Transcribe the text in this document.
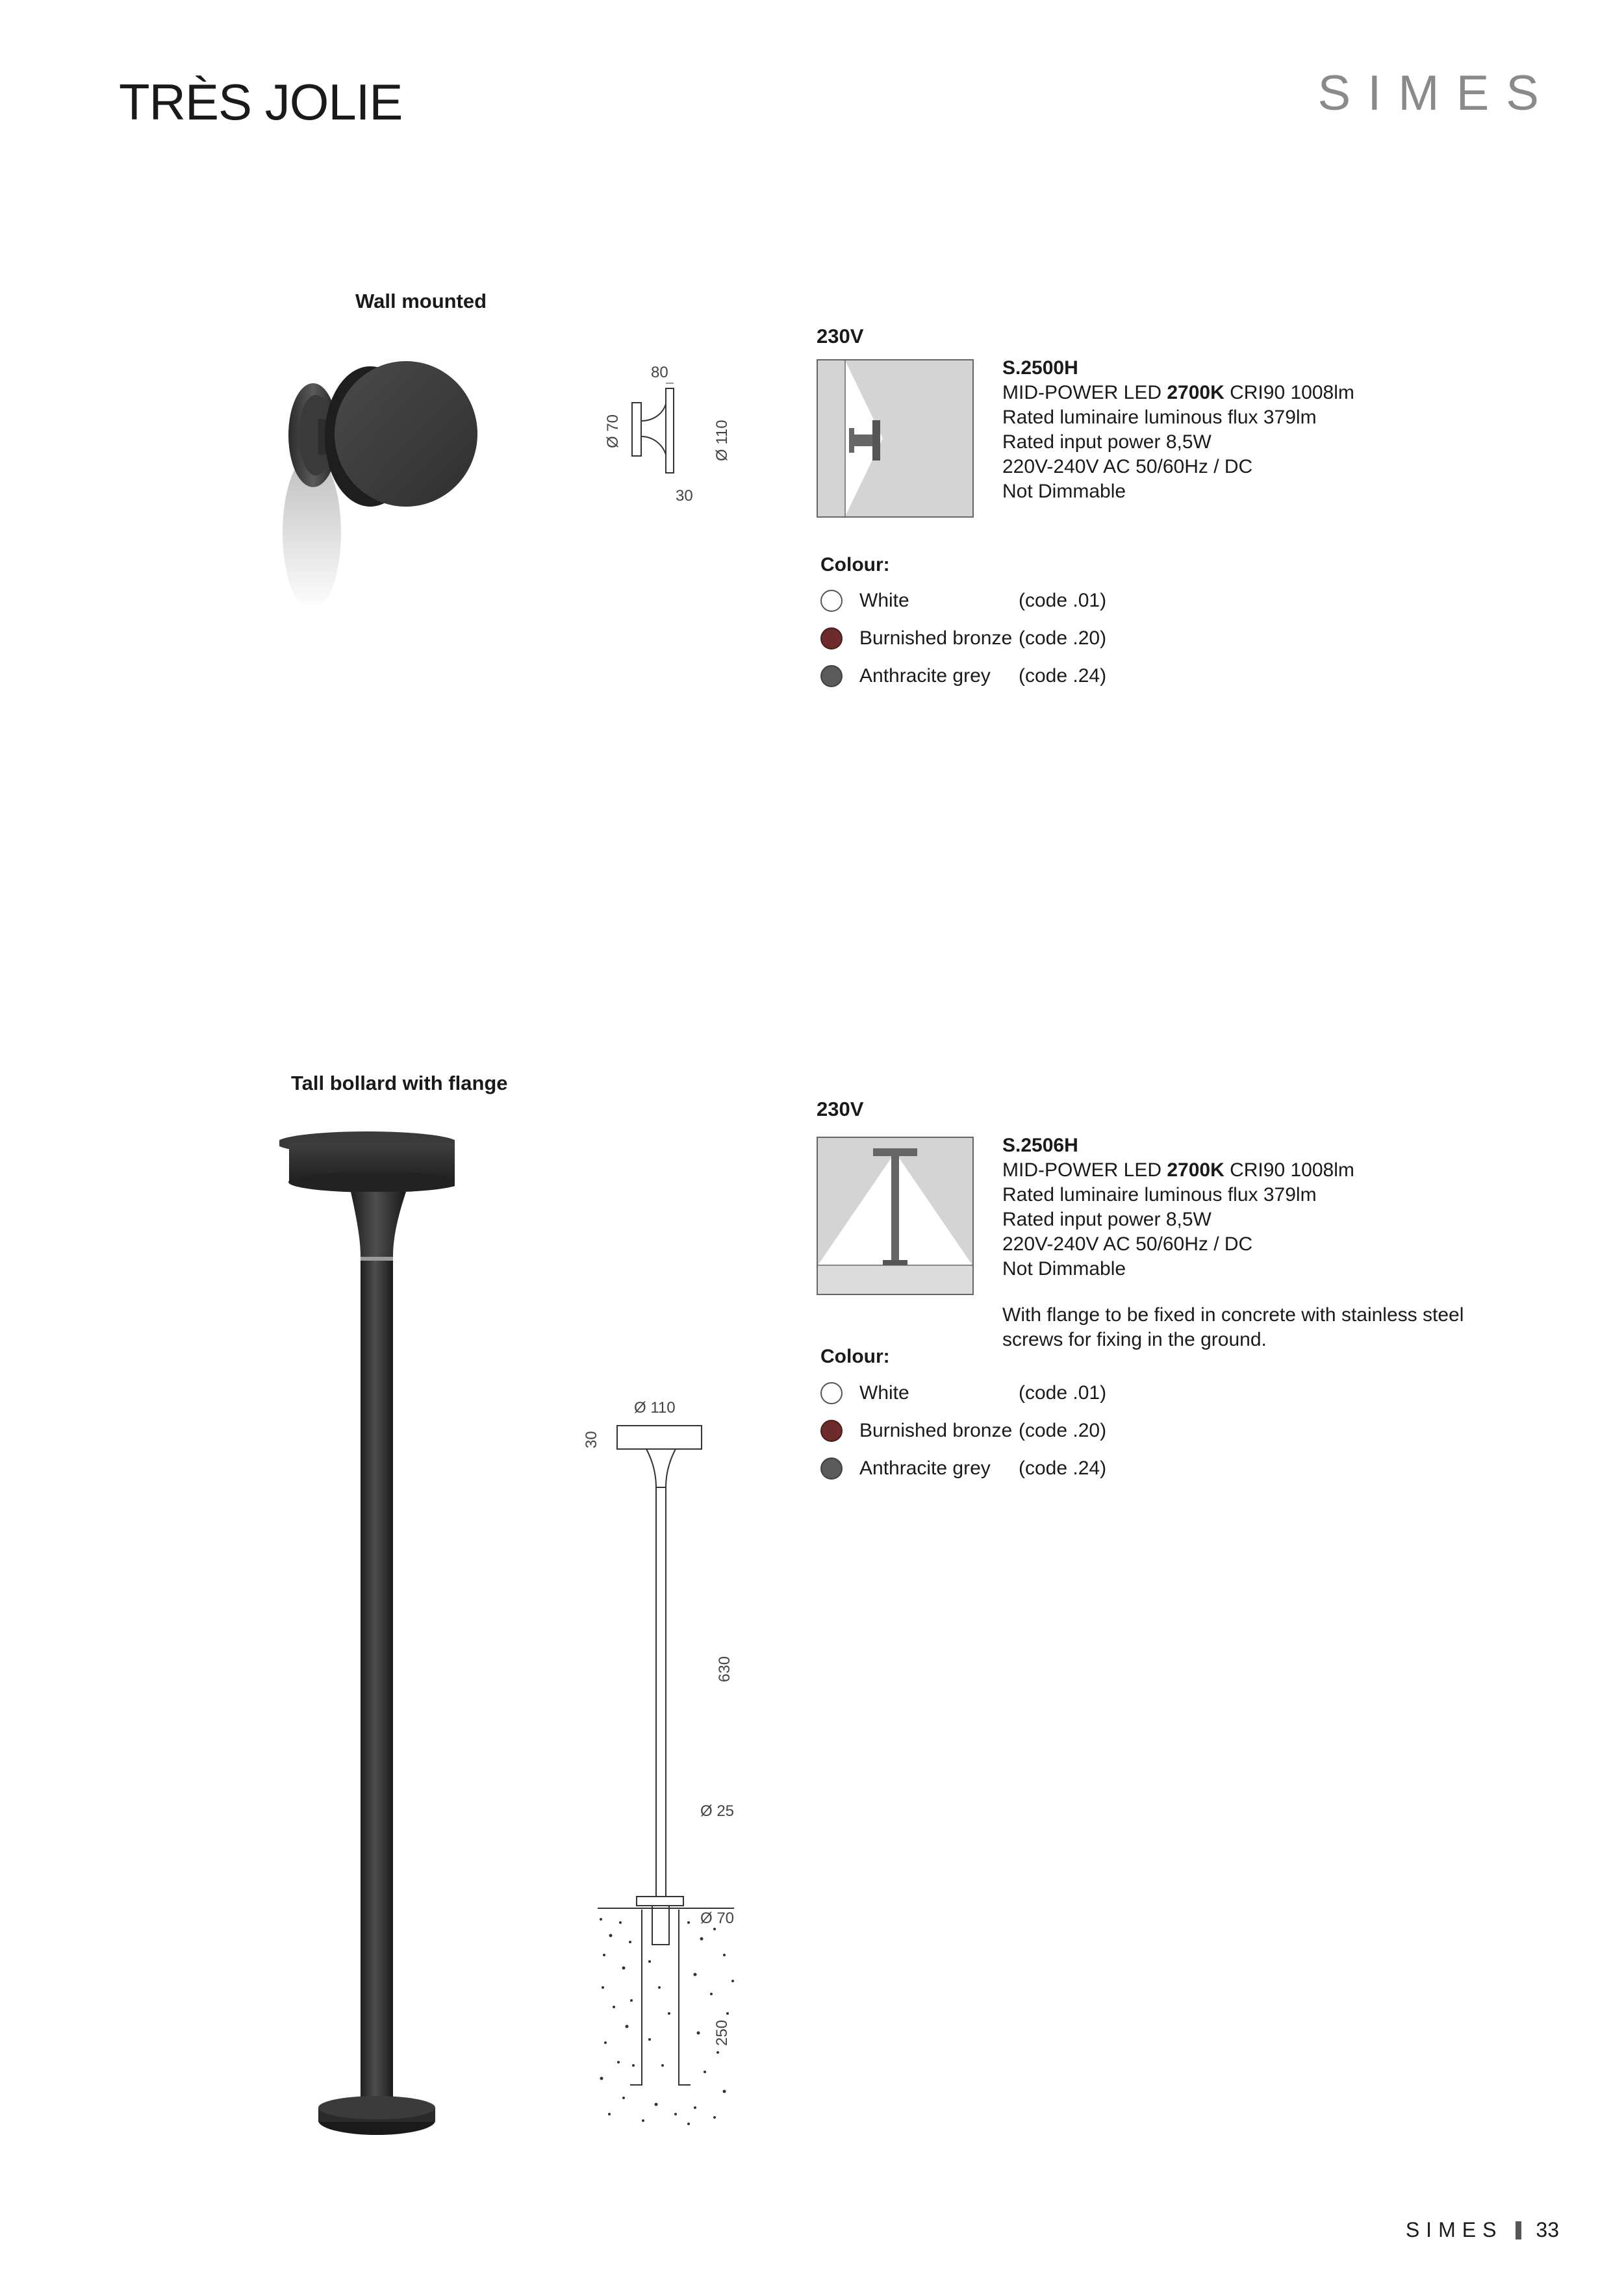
TRÈS JOLIE	SIMES
Wall mounted
80
Ø 70	Ø 110
30
230V
S.2500H
MID-POWER LED 2700K CRI90 1008lm
Rated luminaire luminous flux 379lm
Rated input power 8,5W
220V-240V AC 50/60Hz / DC
Not Dimmable
Colour:
White	(code .01)
Burnished bronze (code .20)
Anthracite grey	(code .24)
Tall bollard with flange
Ø 110
30
630
Ø 25
Ø 70
250
230V
S.2506H
MID-POWER LED 2700K CRI90 1008lm
Rated luminaire luminous flux 379lm
Rated input power 8,5W
220V-240V AC 50/60Hz / DC
Not Dimmable
With flange to be fixed in concrete with stainless steel screws for fixing in the ground.
Colour:
White	(code .01)
Burnished bronze (code .20)
Anthracite grey	(code .24)
SIMES 33
